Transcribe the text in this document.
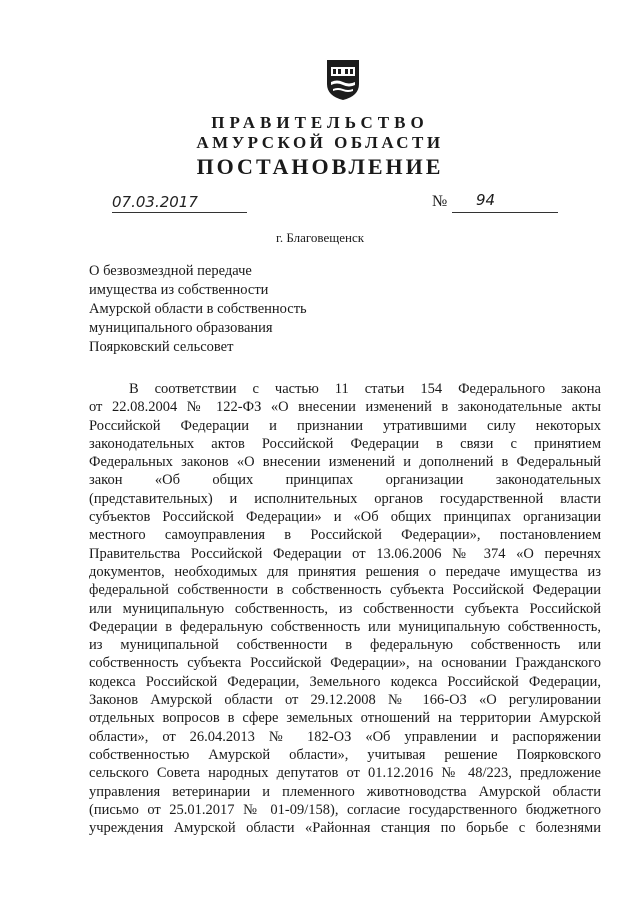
ПРАВИТЕЛЬСТВО
АМУРСКОЙ ОБЛАСТИ
ПОСТАНОВЛЕНИЕ
07.03.2017	№ 94
г. Благовещенск
О безвозмездной передаче
имущества из собственности
Амурской области в собственность
муниципального образования
Поярковский сельсовет
В соответствии с частью 11 статьи 154 Федерального закона
от 22.08.2004 № 122-ФЗ «О внесении изменений в законодательные акты
Российской Федерации и признании утратившими силу некоторых
законодательных актов Российской Федерации в связи с принятием
Федеральных законов «О внесении изменений и дополнений в Федеральный
закон «Об общих принципах организации законодательных
(представительных) и исполнительных органов государственной власти
субъектов Российской Федерации» и «Об общих принципах организации
местного самоуправления в Российской Федерации», постановлением
Правительства Российской Федерации от 13.06.2006 № 374 «О перечнях
документов, необходимых для принятия решения о передаче имущества из
федеральной собственности в собственность субъекта Российской Федерации
или муниципальную собственность, из собственности субъекта Российской
Федерации в федеральную собственность или муниципальную собственность,
из муниципальной собственности в федеральную собственность или
собственность субъекта Российской Федерации», на основании Гражданского
кодекса Российской Федерации, Земельного кодекса Российской Федерации,
Законов Амурской области от 29.12.2008 № 166-ОЗ «О регулировании
отдельных вопросов в сфере земельных отношений на территории Амурской
области», от 26.04.2013 № 182-ОЗ «Об управлении и распоряжении
собственностью Амурской области», учитывая решение Поярковского
сельского Совета народных депутатов от 01.12.2016 № 48/223, предложение
управления ветеринарии и племенного животноводства Амурской области
(письмо от 25.01.2017 № 01-09/158), согласие государственного бюджетного
учреждения Амурской области «Районная станция по борьбе с болезнями
